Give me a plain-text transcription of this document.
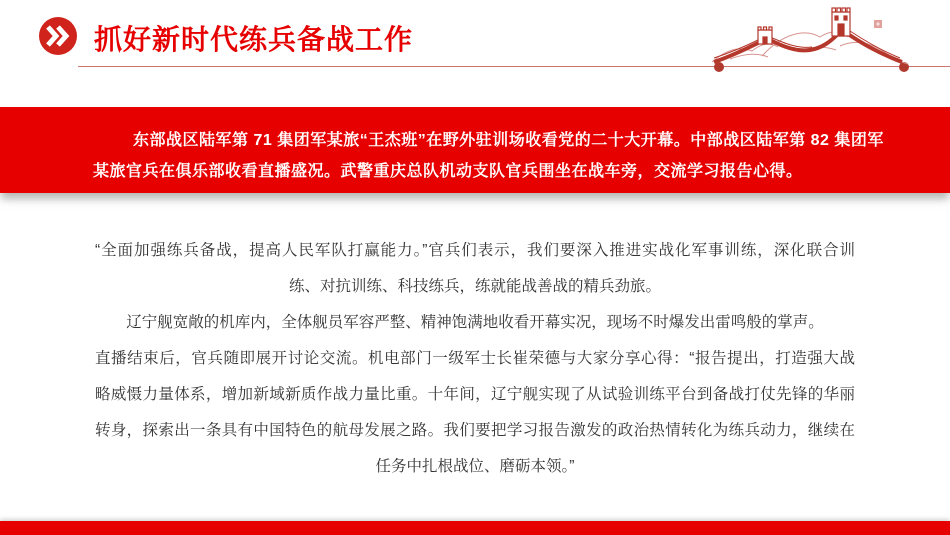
抓好新时代练兵备战工作

东部战区陆军第 71 集团军某旅“王杰班”在野外驻训场收看党的二十大开幕。中部战区陆军第 82 集团军

某旅官兵在俱乐部收看直播盛况。武警重庆总队机动支队官兵围坐在战车旁，交流学习报告心得。

“全面加强练兵备战，提高人民军队打赢能力。”官兵们表示，我们要深入推进实战化军事训练，深化联合训
练、对抗训练、科技练兵，练就能战善战的精兵劲旅。
辽宁舰宽敞的机库内，全体舰员军容严整、精神饱满地收看开幕实况，现场不时爆发出雷鸣般的掌声。
直播结束后，官兵随即展开讨论交流。机电部门一级军士长崔荣德与大家分享心得：“报告提出，打造强大战
略威慑力量体系，增加新域新质作战力量比重。十年间，辽宁舰实现了从试验训练平台到备战打仗先锋的华丽
转身，探索出一条具有中国特色的航母发展之路。我们要把学习报告激发的政治热情转化为练兵动力，继续在
任务中扎根战位、磨砺本领。”
